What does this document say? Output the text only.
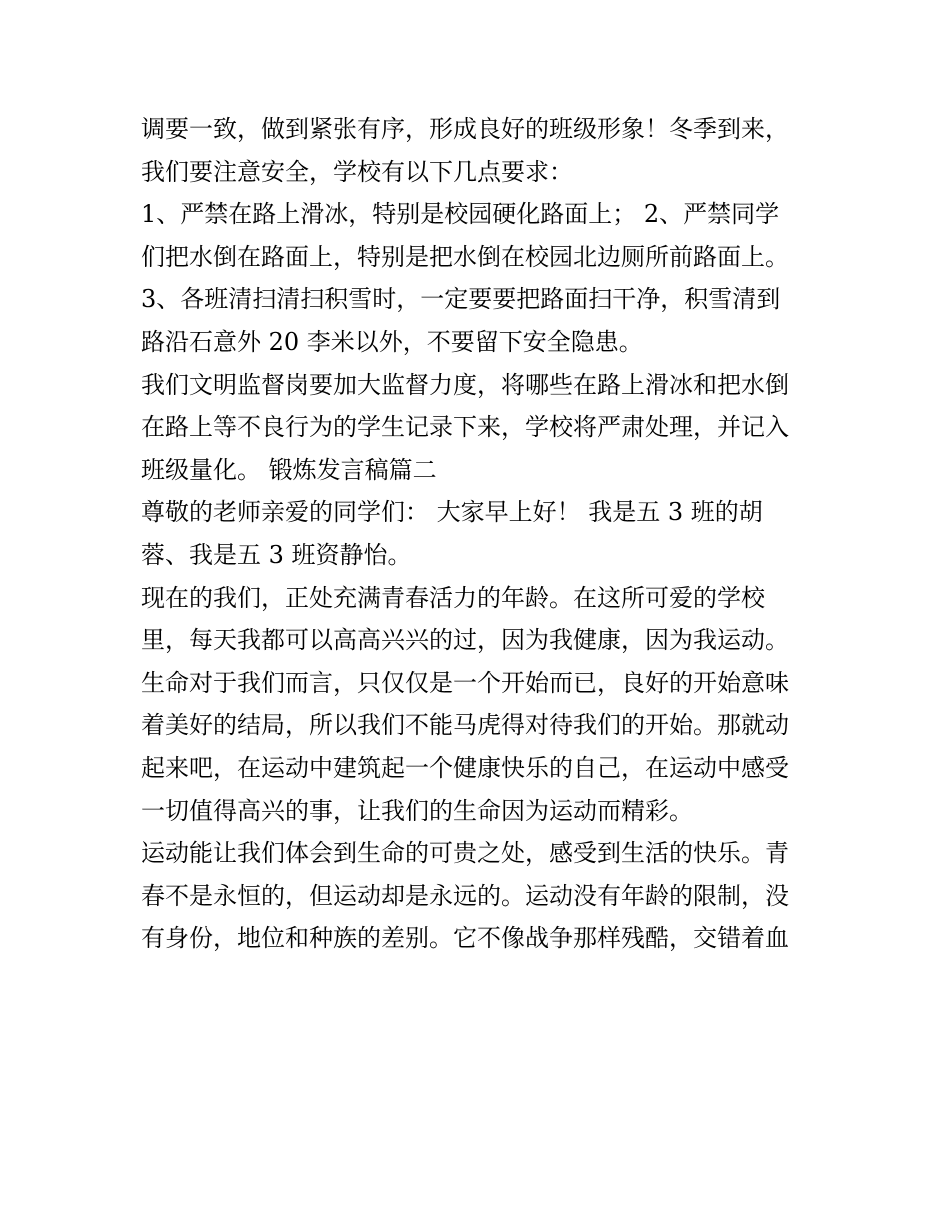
调要一致，做到紧张有序，形成良好的班级形象！冬季到来，

我们要注意安全，学校有以下几点要求：

1、严禁在路上滑冰，特别是校园硬化路面上； 2、严禁同学

们把水倒在路面上，特别是把水倒在校园北边厕所前路面上。

3、各班清扫清扫积雪时，一定要要把路面扫干净，积雪清到

路沿石意外 20 李米以外，不要留下安全隐患。

我们文明监督岗要加大监督力度，将哪些在路上滑冰和把水倒

在路上等不良行为的学生记录下来，学校将严肃处理，并记入

班级量化。 锻炼发言稿篇二

尊敬的老师亲爱的同学们： 大家早上好！ 我是五 3 班的胡

蓉、我是五 3 班资静怡。

现在的我们，正处充满青春活力的年龄。在这所可爱的学校

里，每天我都可以高高兴兴的过，因为我健康，因为我运动。

生命对于我们而言，只仅仅是一个开始而已，良好的开始意味

着美好的结局，所以我们不能马虎得对待我们的开始。那就动

起来吧，在运动中建筑起一个健康快乐的自己，在运动中感受

一切值得高兴的事，让我们的生命因为运动而精彩。

运动能让我们体会到生命的可贵之处，感受到生活的快乐。青

春不是永恒的，但运动却是永远的。运动没有年龄的限制，没

有身份，地位和种族的差别。它不像战争那样残酷，交错着血
